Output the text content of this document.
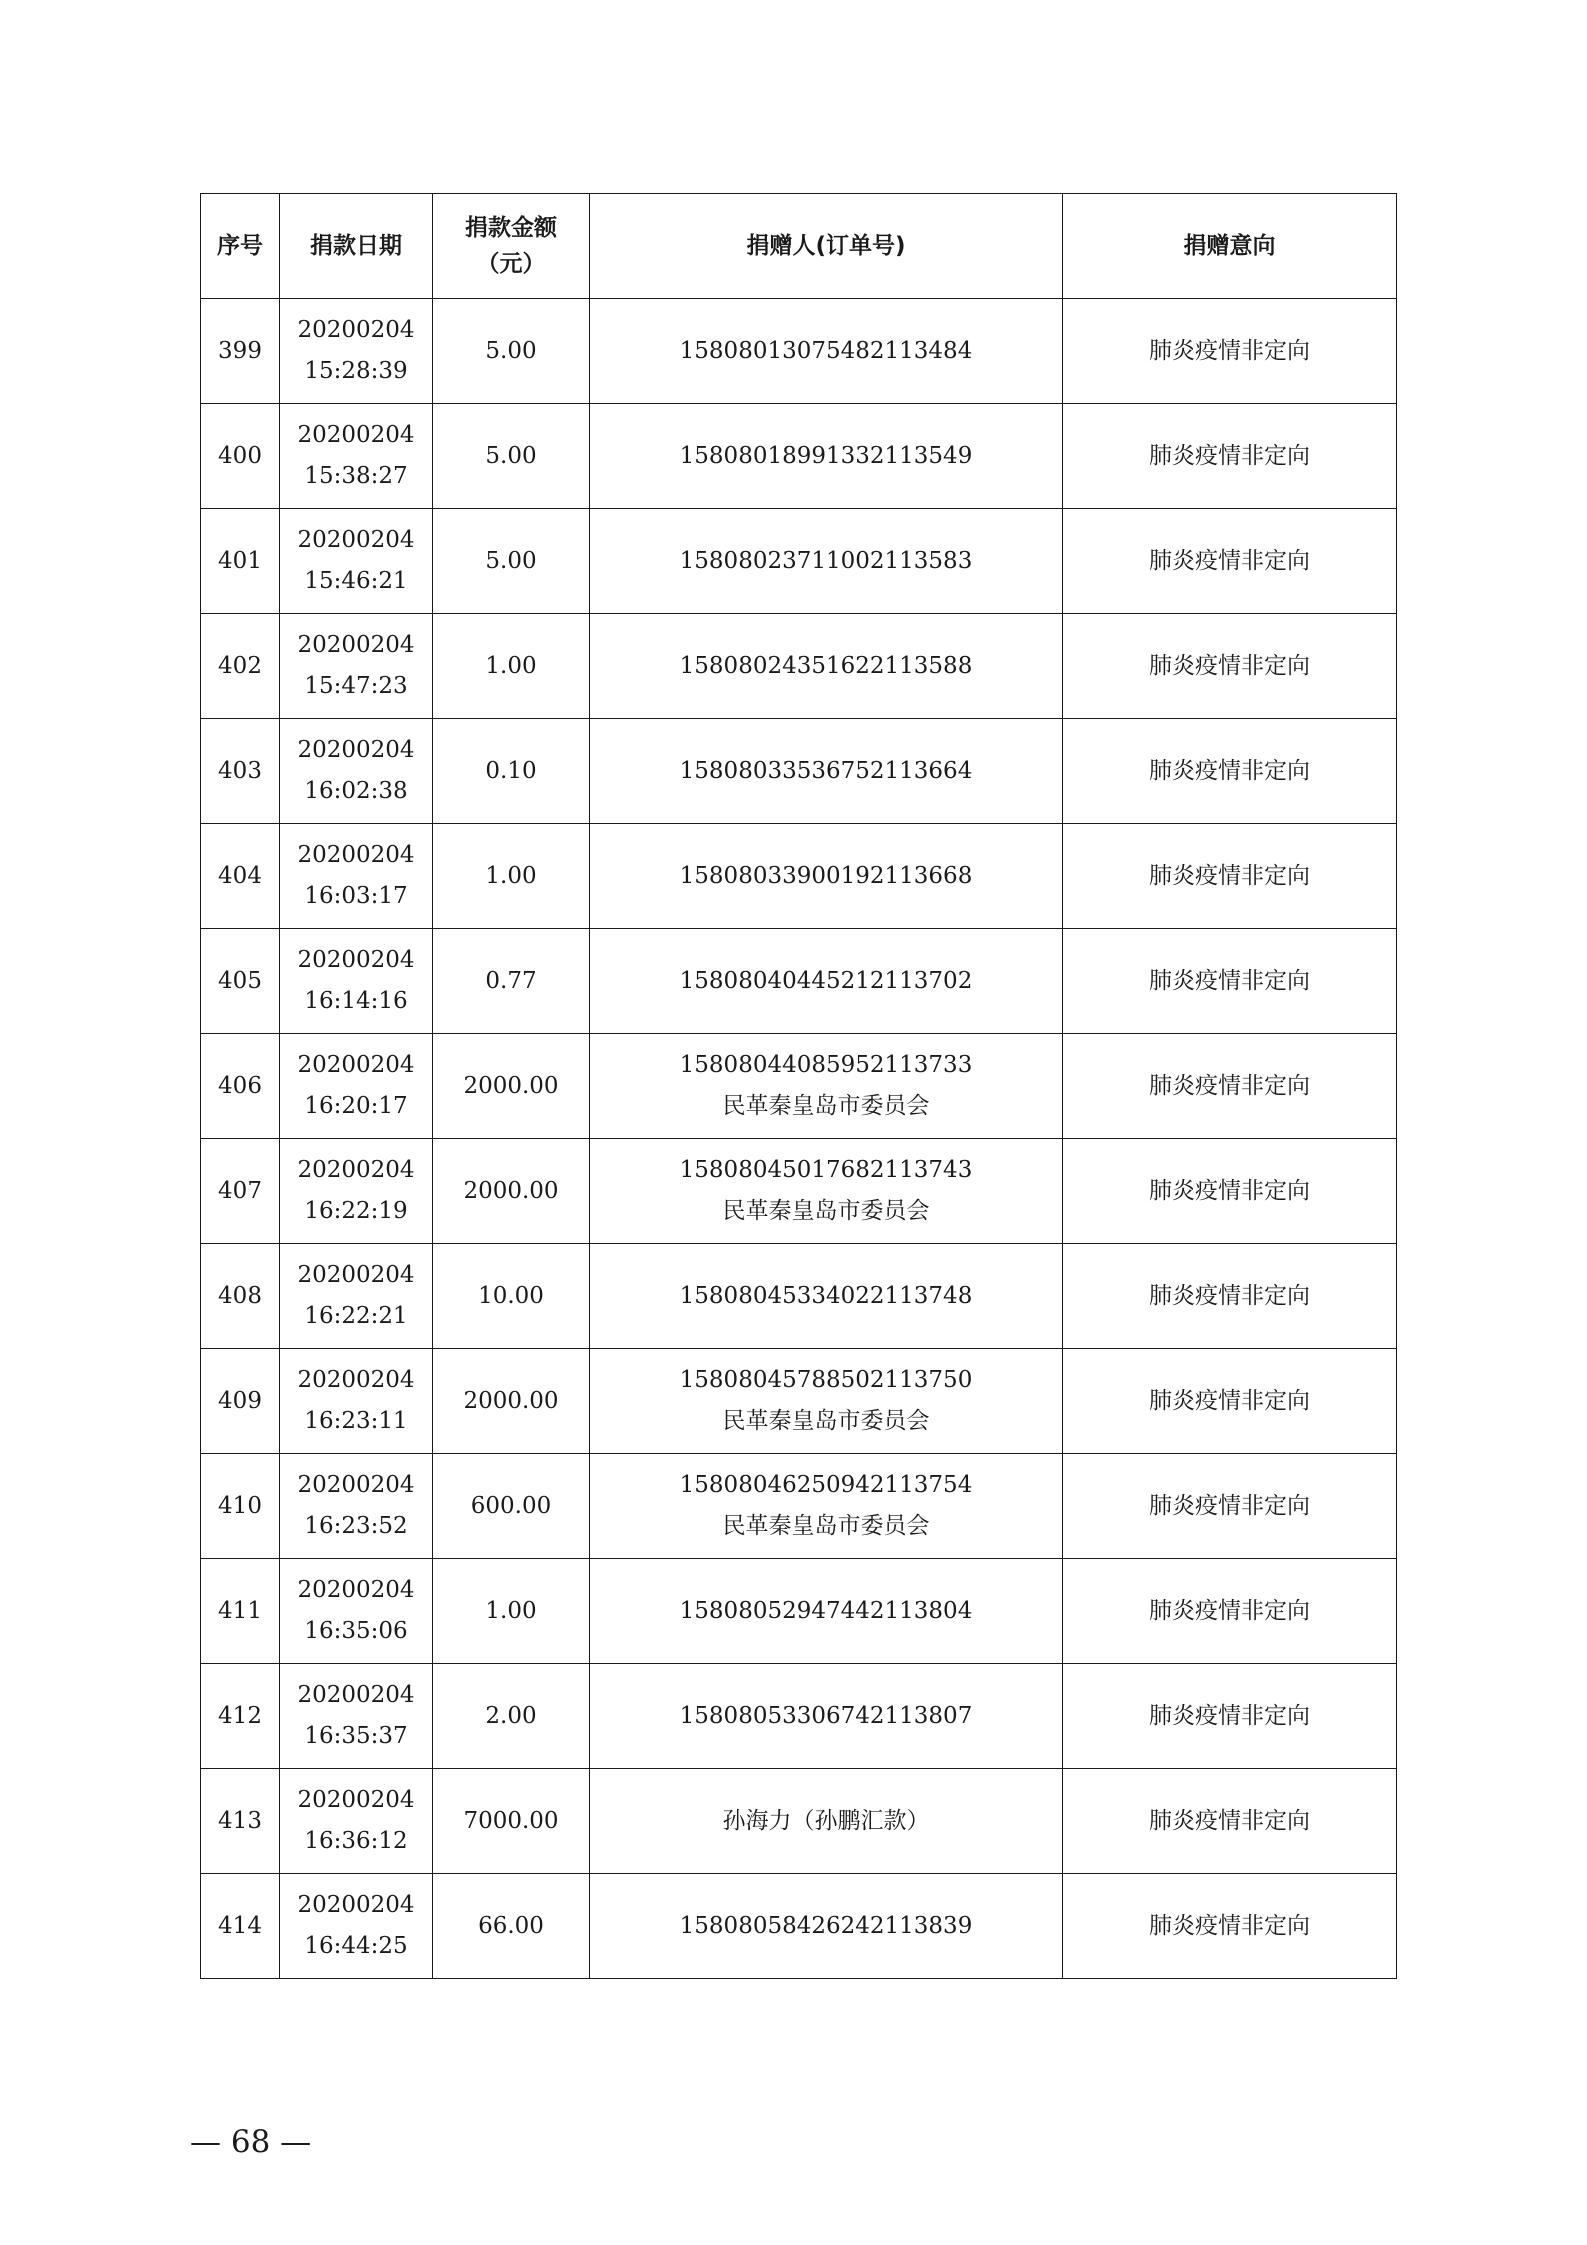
序号	捐款日期	捐款金额
（元）	捐赠人(订单号)	捐赠意向

399	20200204
15:28:39	5.00	15808013075482113484	肺炎疫情非定向

400	20200204
15:38:27	5.00	15808018991332113549	肺炎疫情非定向

401	20200204
15:46:21	5.00	15808023711002113583	肺炎疫情非定向

402	20200204
15:47:23	1.00	15808024351622113588	肺炎疫情非定向

403	20200204
16:02:38	0.10	15808033536752113664	肺炎疫情非定向

404	20200204
16:03:17	1.00	15808033900192113668	肺炎疫情非定向

405	20200204
16:14:16	0.77	15808040445212113702	肺炎疫情非定向

406	20200204
16:20:17	2000.00	15808044085952113733
民革秦皇岛市委员会	肺炎疫情非定向

407	20200204
16:22:19	2000.00	15808045017682113743
民革秦皇岛市委员会	肺炎疫情非定向

408	20200204
16:22:21	10.00	15808045334022113748	肺炎疫情非定向

409	20200204
16:23:11	2000.00	15808045788502113750
民革秦皇岛市委员会	肺炎疫情非定向

410	20200204
16:23:52	600.00	15808046250942113754
民革秦皇岛市委员会	肺炎疫情非定向

411	20200204
16:35:06	1.00	15808052947442113804	肺炎疫情非定向

412	20200204
16:35:37	2.00	15808053306742113807	肺炎疫情非定向

413	20200204
16:36:12	7000.00	孙海力（孙鹏汇款）	肺炎疫情非定向

414	20200204
16:44:25	66.00	15808058426242113839	肺炎疫情非定向
— 68 —
